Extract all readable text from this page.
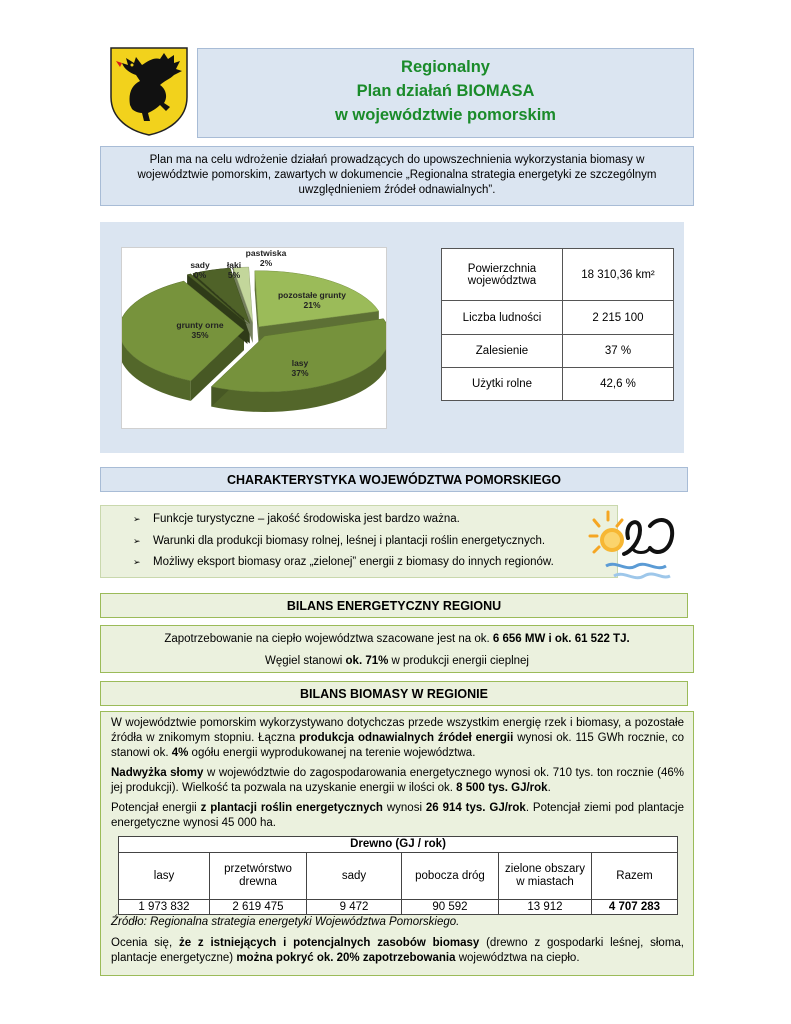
Regionalny
Plan działań BIOMASA
w województwie pomorskim
Plan ma na celu wdrożenie działań prowadzących do upowszechnienia wykorzystania biomasy w województwie pomorskim, zawartych w dokumencie „Regionalna strategia energetyki ze szczególnym uwzględnieniem źródeł odnawialnych”.
lasy
37%
grunty orne
35%
sady
0%
łąki
5%
pastwiska
2%
pozostałe grunty
21%
Powierzchnia województwa	18 310,36 km²
Liczba ludności	2 215 100
Zalesienie	37 %
Użytki rolne	42,6 %
CHARAKTERYSTYKA WOJEWÓDZTWA POMORSKIEGO
➢ Funkcje turystyczne – jakość środowiska jest bardzo ważna.
➢ Warunki dla produkcji biomasy rolnej, leśnej i plantacji roślin energetycznych.
➢ Możliwy eksport biomasy oraz „zielonej” energii z biomasy do innych regionów.
BILANS ENERGETYCZNY REGIONU

Zapotrzebowanie na ciepło województwa szacowane jest na ok. 6 656 MW i ok. 61 522 TJ.

Węgiel stanowi ok. 71% w produkcji energii cieplnej

BILANS BIOMASY W REGIONIE

W województwie pomorskim wykorzystywano dotychczas przede wszystkim energię rzek i biomasy, a pozostałe źródła w znikomym stopniu. Łączna produkcja odnawialnych źródeł energii wynosi ok. 115 GWh rocznie, co stanowi ok. 4% ogółu energii wyprodukowanej na terenie województwa.

Nadwyżka słomy w województwie do zagospodarowania energetycznego wynosi ok. 710 tys. ton rocznie (46% jej produkcji). Wielkość ta pozwala na uzyskanie energii w ilości ok. 8 500 tys. GJ/rok.

Potencjał energii z plantacji roślin energetycznych wynosi 26 914 tys. GJ/rok. Potencjał ziemi pod plantacje energetyczne wynosi 45 000 ha.

Drewno (GJ / rok)					
lasy	przetwórstwo drewna	sady	pobocza dróg	zielone obszary w miastach	Razem
1 973 832	2 619 475	9 472	90 592	13 912	4 707 283

Źródło: Regionalna strategia energetyki Województwa Pomorskiego.

Ocenia się, że z istniejących i potencjalnych zasobów biomasy (drewno z gospodarki leśnej, słoma, plantacje energetyczne) można pokryć ok. 20% zapotrzebowania województwa na ciepło.
